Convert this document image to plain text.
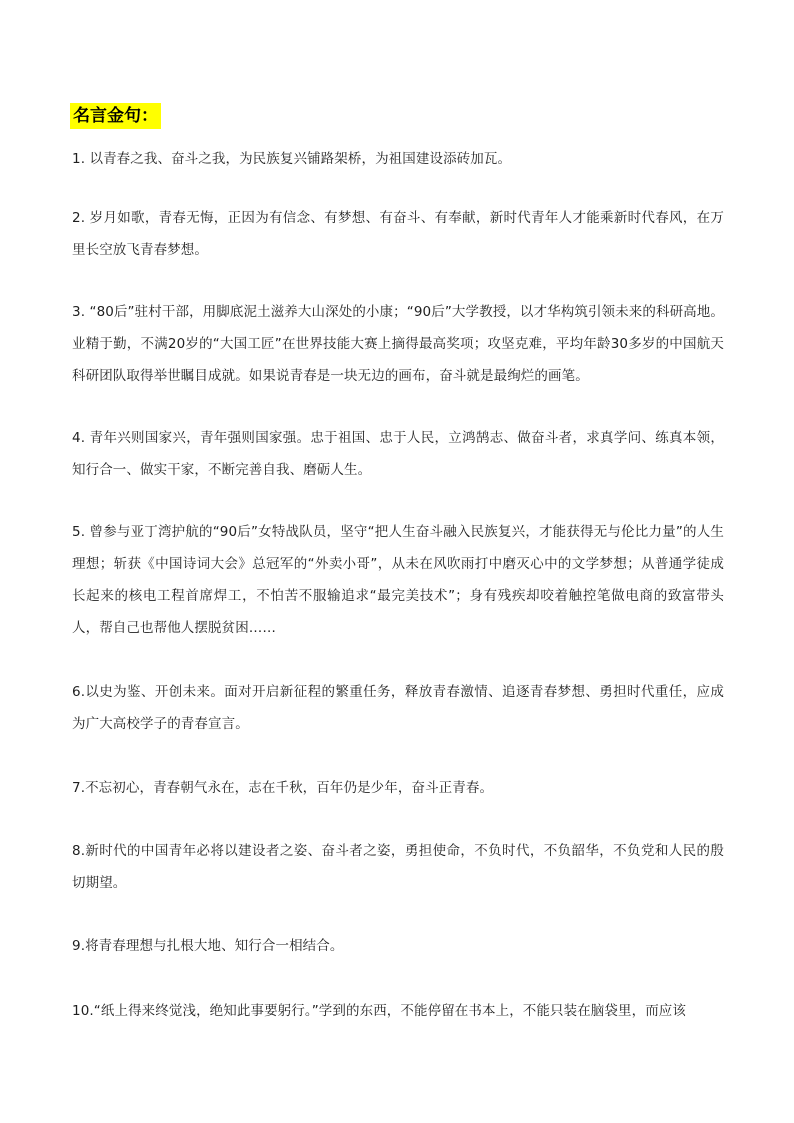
名言金句：
1. 以青春之我、奋斗之我，为民族复兴铺路架桥，为祖国建设添砖加瓦。
2. 岁月如歌，青春无悔，正因为有信念、有梦想、有奋斗、有奉献，新时代青年人才能乘新时代春风，在万里长空放飞青春梦想。
3. “80后”驻村干部，用脚底泥土滋养大山深处的小康；“90后”大学教授，以才华构筑引领未来的科研高地。业精于勤，不满20岁的“大国工匠”在世界技能大赛上摘得最高奖项；攻坚克难，平均年龄30多岁的中国航天科研团队取得举世瞩目成就。如果说青春是一块无边的画布，奋斗就是最绚烂的画笔。
4. 青年兴则国家兴，青年强则国家强。忠于祖国、忠于人民，立鸿鹄志、做奋斗者，求真学问、练真本领，知行合一、做实干家，不断完善自我、磨砺人生。
5. 曾参与亚丁湾护航的“90后”女特战队员，坚守“把人生奋斗融入民族复兴，才能获得无与伦比力量”的人生理想；斩获《中国诗词大会》总冠军的“外卖小哥”，从未在风吹雨打中磨灭心中的文学梦想；从普通学徒成长起来的核电工程首席焊工，不怕苦不服输追求“最完美技术”；身有残疾却咬着触控笔做电商的致富带头人，帮自己也帮他人摆脱贫困……
6.以史为鉴、开创未来。面对开启新征程的繁重任务，释放青春激情、追逐青春梦想、勇担时代重任，应成为广大高校学子的青春宣言。
7.不忘初心，青春朝气永在，志在千秋，百年仍是少年，奋斗正青春。
8.新时代的中国青年必将以建设者之姿、奋斗者之姿，勇担使命，不负时代，不负韶华，不负党和人民的殷切期望。
9.将青春理想与扎根大地、知行合一相结合。
10.“纸上得来终觉浅，绝知此事要躬行。”学到的东西，不能停留在书本上，不能只装在脑袋里，而应该
